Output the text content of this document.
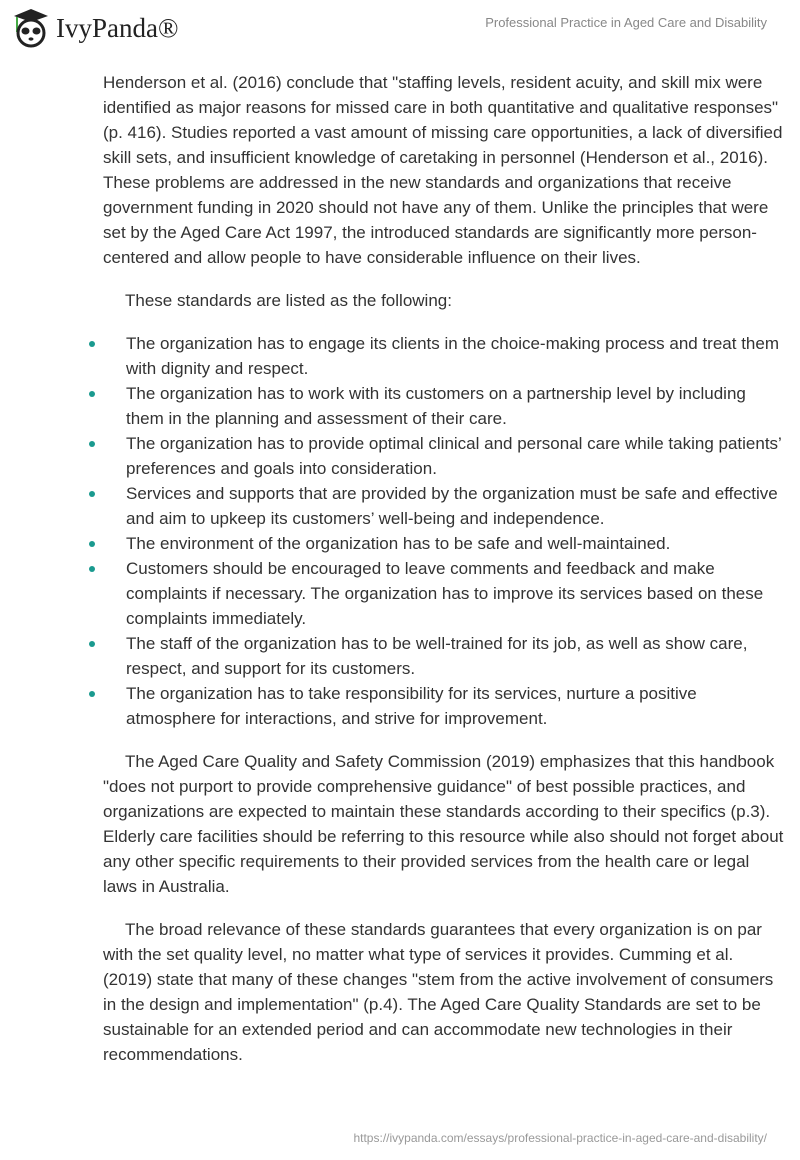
IvyPanda®	Professional Practice in Aged Care and Disability

Henderson et al. (2016) conclude that "staffing levels, resident acuity, and skill mix were identified as major reasons for missed care in both quantitative and qualitative responses" (p. 416). Studies reported a vast amount of missing care opportunities, a lack of diversified skill sets, and insufficient knowledge of caretaking in personnel (Henderson et al., 2016). These problems are addressed in the new standards and organizations that receive government funding in 2020 should not have any of them. Unlike the principles that were set by the Aged Care Act 1997, the introduced standards are significantly more person-centered and allow people to have considerable influence on their lives.

These standards are listed as the following:

The organization has to engage its clients in the choice-making process and treat them with dignity and respect.
The organization has to work with its customers on a partnership level by including them in the planning and assessment of their care.
The organization has to provide optimal clinical and personal care while taking patients’ preferences and goals into consideration.
Services and supports that are provided by the organization must be safe and effective and aim to upkeep its customers’ well-being and independence.
The environment of the organization has to be safe and well-maintained.
Customers should be encouraged to leave comments and feedback and make complaints if necessary. The organization has to improve its services based on these complaints immediately.
The staff of the organization has to be well-trained for its job, as well as show care, respect, and support for its customers.
The organization has to take responsibility for its services, nurture a positive atmosphere for interactions, and strive for improvement.

The Aged Care Quality and Safety Commission (2019) emphasizes that this handbook "does not purport to provide comprehensive guidance" of best possible practices, and organizations are expected to maintain these standards according to their specifics (p.3). Elderly care facilities should be referring to this resource while also should not forget about any other specific requirements to their provided services from the health care or legal laws in Australia.

The broad relevance of these standards guarantees that every organization is on par with the set quality level, no matter what type of services it provides. Cumming et al. (2019) state that many of these changes "stem from the active involvement of consumers in the design and implementation" (p.4). The Aged Care Quality Standards are set to be sustainable for an extended period and can accommodate new technologies in their recommendations.

https://ivypanda.com/essays/professional-practice-in-aged-care-and-disability/
